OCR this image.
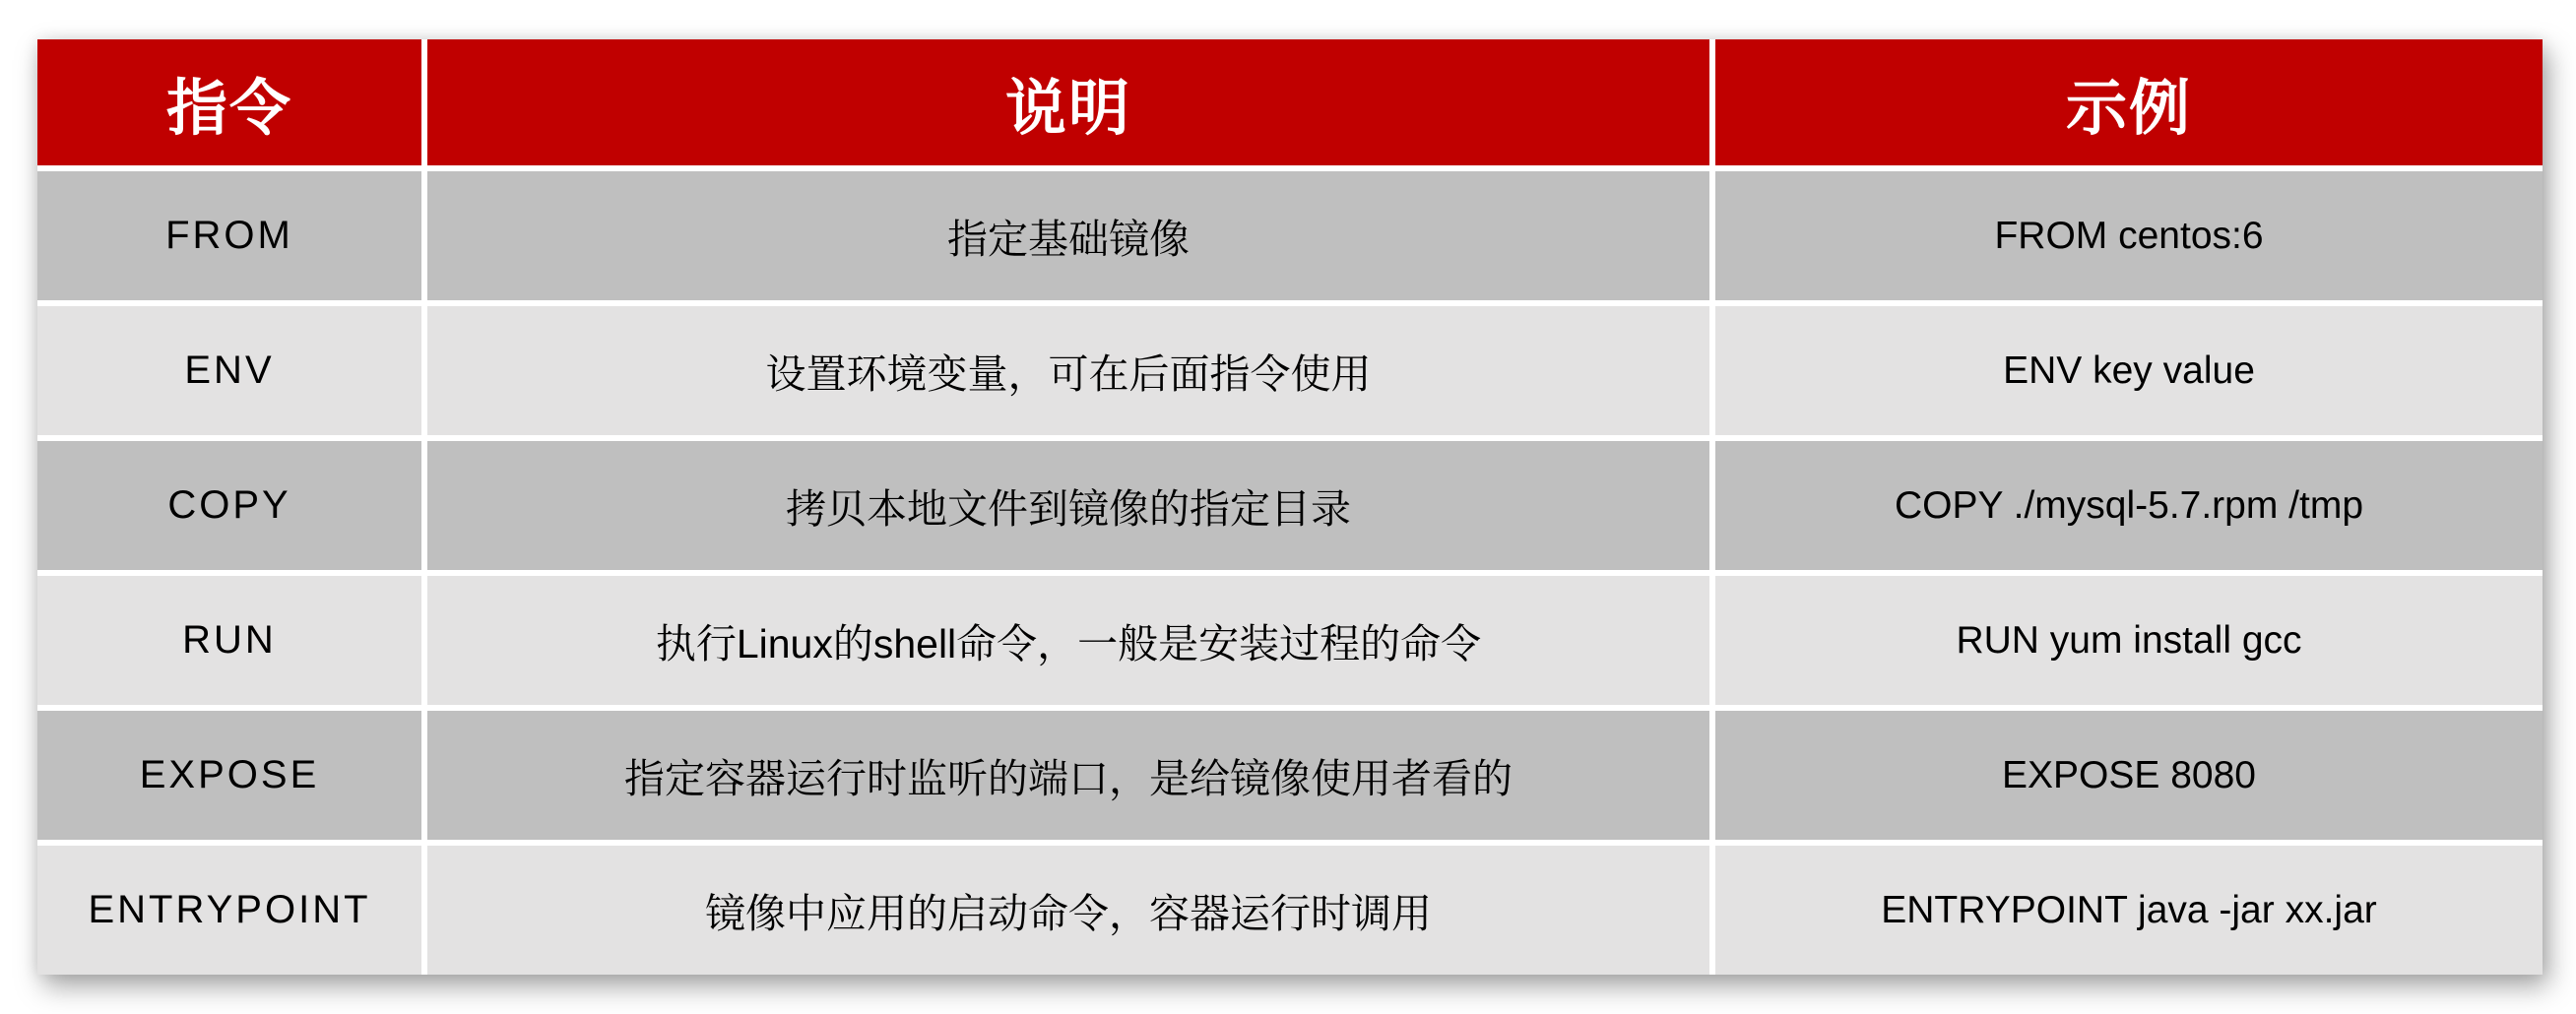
指令	说明	示例
FROM	指定基础镜像	FROM centos:6
ENV	设置环境变量，可在后面指令使用	ENV key value
COPY	拷贝本地文件到镜像的指定目录	COPY ./mysql-5.7.rpm /tmp
RUN	执行Linux的shell命令，一般是安装过程的命令	RUN yum install gcc
EXPOSE	指定容器运行时监听的端口，是给镜像使用者看的	EXPOSE 8080
ENTRYPOINT	镜像中应用的启动命令，容器运行时调用	ENTRYPOINT java -jar xx.jar
